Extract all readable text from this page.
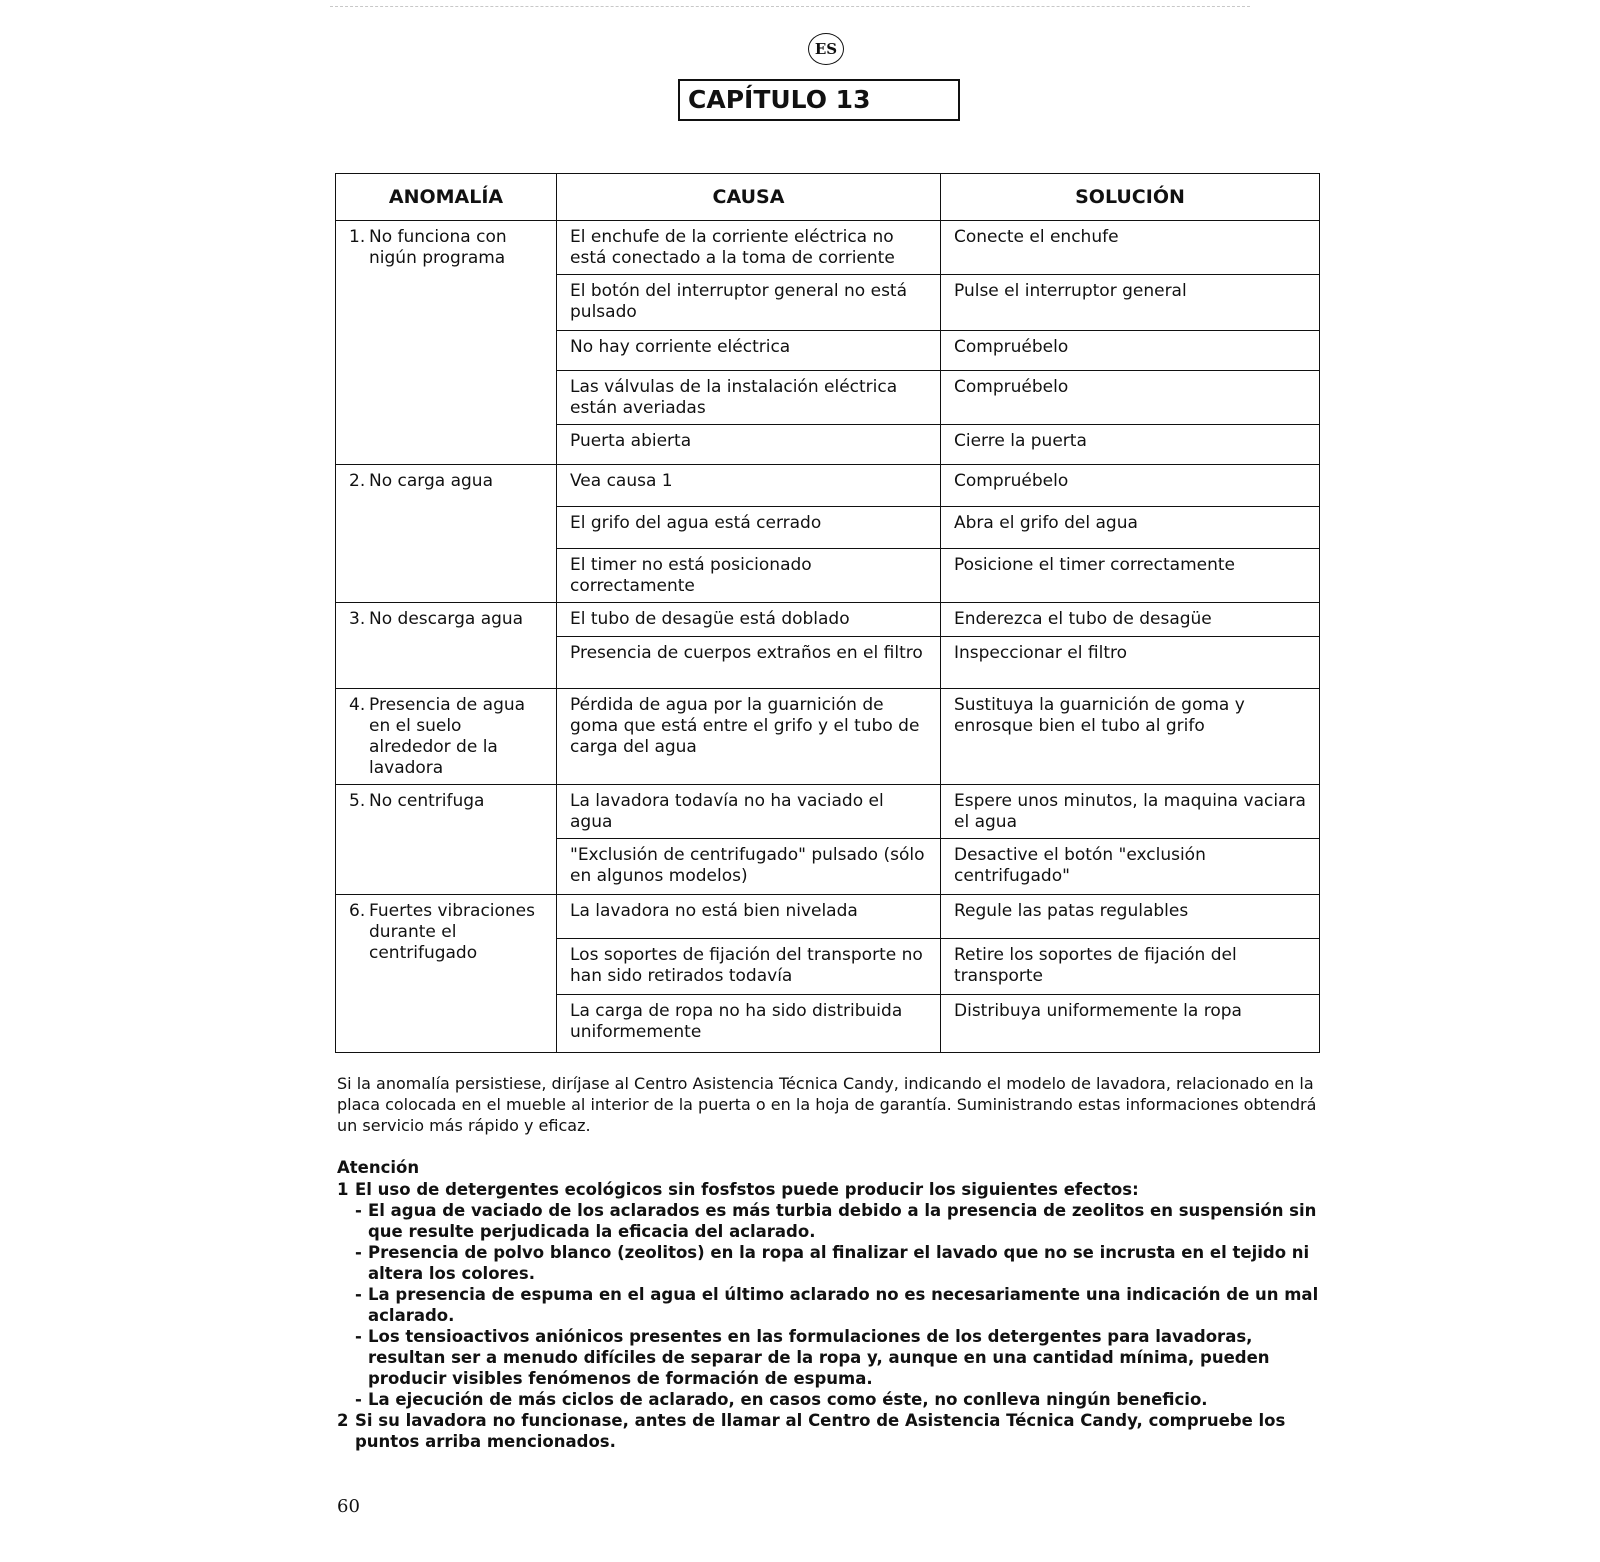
ES
CAPÍTULO 13
ANOMALÍA	CAUSA	SOLUCIÓN

1. No funciona con nigún programa	El enchufe de la corriente eléctrica no está conectado a la toma de corriente	Conecte el enchufe
	El botón del interruptor general no está pulsado	Pulse el interruptor general
	No hay corriente eléctrica	Compruébelo
	Las válvulas de la instalación eléctrica están averiadas	Compruébelo
	Puerta abierta	Cierre la puerta

2. No carga agua	Vea causa 1	Compruébelo
	El grifo del agua está cerrado	Abra el grifo del agua
	El timer no está posicionado correctamente	Posicione el timer correctamente

3. No descarga agua	El tubo de desagüe está doblado	Enderezca el tubo de desagüe
	Presencia de cuerpos extraños en el filtro	Inspeccionar el filtro

4. Presencia de agua en el suelo alrededor de la lavadora	Pérdida de agua por la guarnición de goma que está entre el grifo y el tubo de carga del agua	Sustituya la guarnición de goma y enrosque bien el tubo al grifo

5. No centrifuga	La lavadora todavía no ha vaciado el agua	Espere unos minutos, la maquina vaciara el agua
	"Exclusión de centrifugado" pulsado (sólo en algunos modelos)	Desactive el botón "exclusión centrifugado"

6. Fuertes vibraciones durante el centrifugado	La lavadora no está bien nivelada	Regule las patas regulables
	Los soportes de fijación del transporte no han sido retirados todavía	Retire los soportes de fijación del transporte
	La carga de ropa no ha sido distribuida uniformemente	Distribuya uniformemente la ropa
Si la anomalía persistiese, diríjase al Centro Asistencia Técnica Candy, indicando el modelo de lavadora, relacionado en la placa colocada en el mueble al interior de la puerta o en la hoja de garantía. Suministrando estas informaciones obtendrá un servicio más rápido y eficaz.
Atención
1 El uso de detergentes ecológicos sin fosfstos puede producir los siguientes efectos:
- El agua de vaciado de los aclarados es más turbia debido a la presencia de zeolitos en suspensión sin que resulte perjudicada la eficacia del aclarado.
- Presencia de polvo blanco (zeolitos) en la ropa al finalizar el lavado que no se incrusta en el tejido ni altera los colores.
- La presencia de espuma en el agua el último aclarado no es necesariamente una indicación de un mal aclarado.
- Los tensioactivos aniónicos presentes en las formulaciones de los detergentes para lavadoras, resultan ser a menudo difíciles de separar de la ropa y, aunque en una cantidad mínima, pueden producir visibles fenómenos de formación de espuma.
- La ejecución de más ciclos de aclarado, en casos como éste, no conlleva ningún beneficio.
2 Si su lavadora no funcionase, antes de llamar al Centro de Asistencia Técnica Candy, compruebe los puntos arriba mencionados.
60
